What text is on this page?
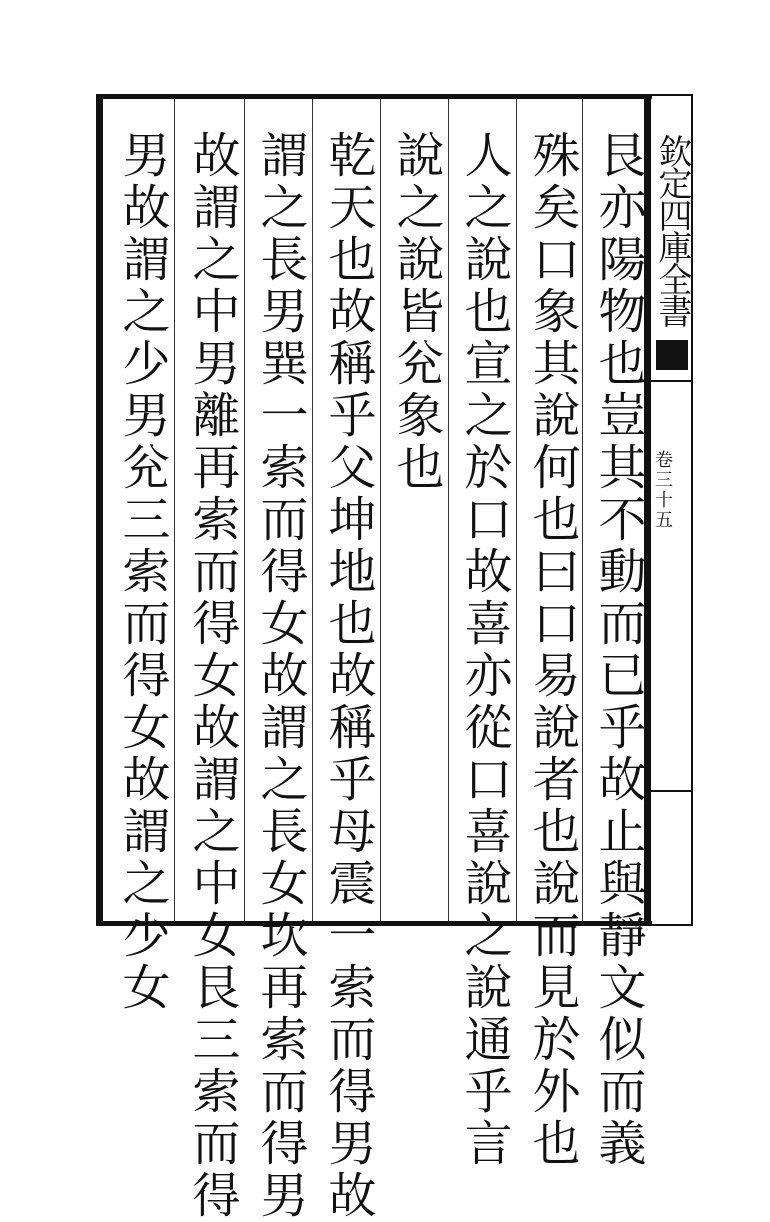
欽定四庫全書
卷三十五
艮亦陽物也豈其不動而已乎故止與靜文似而義
殊矣口象其說何也曰口易說者也說而見於外也
人之說也宣之於口故喜亦從口喜說之說通乎言
說之說皆兊象也
乾天也故稱乎父坤地也故稱乎母震一索而得男故
謂之長男巽一索而得女故謂之長女坎再索而得男
故謂之中男離再索而得女故謂之中女艮三索而得
男故謂之少男兊三索而得女故謂之少女
